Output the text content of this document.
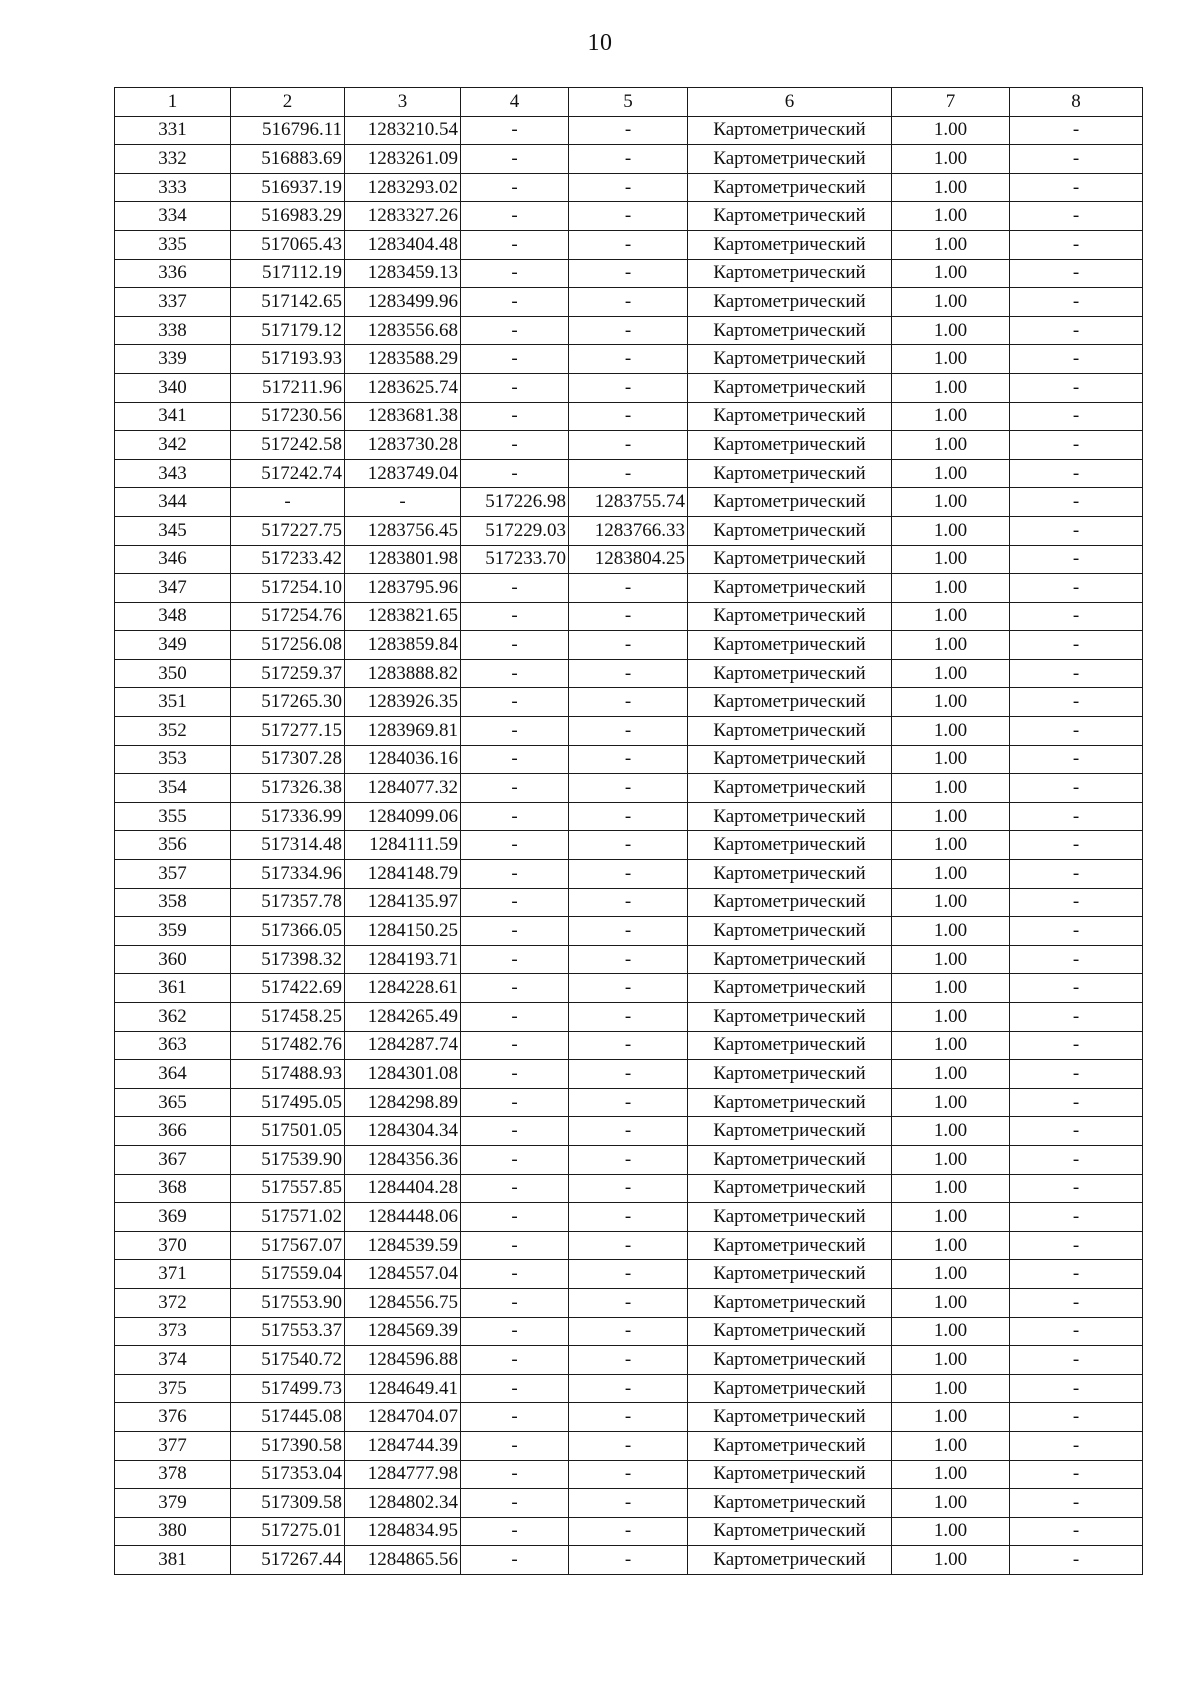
10
1	2	3	4	5	6	7	8
331	516796.11	1283210.54	-	-	Картометрический	1.00	-
332	516883.69	1283261.09	-	-	Картометрический	1.00	-
333	516937.19	1283293.02	-	-	Картометрический	1.00	-
334	516983.29	1283327.26	-	-	Картометрический	1.00	-
335	517065.43	1283404.48	-	-	Картометрический	1.00	-
336	517112.19	1283459.13	-	-	Картометрический	1.00	-
337	517142.65	1283499.96	-	-	Картометрический	1.00	-
338	517179.12	1283556.68	-	-	Картометрический	1.00	-
339	517193.93	1283588.29	-	-	Картометрический	1.00	-
340	517211.96	1283625.74	-	-	Картометрический	1.00	-
341	517230.56	1283681.38	-	-	Картометрический	1.00	-
342	517242.58	1283730.28	-	-	Картометрический	1.00	-
343	517242.74	1283749.04	-	-	Картометрический	1.00	-
344	-	-	517226.98	1283755.74	Картометрический	1.00	-
345	517227.75	1283756.45	517229.03	1283766.33	Картометрический	1.00	-
346	517233.42	1283801.98	517233.70	1283804.25	Картометрический	1.00	-
347	517254.10	1283795.96	-	-	Картометрический	1.00	-
348	517254.76	1283821.65	-	-	Картометрический	1.00	-
349	517256.08	1283859.84	-	-	Картометрический	1.00	-
350	517259.37	1283888.82	-	-	Картометрический	1.00	-
351	517265.30	1283926.35	-	-	Картометрический	1.00	-
352	517277.15	1283969.81	-	-	Картометрический	1.00	-
353	517307.28	1284036.16	-	-	Картометрический	1.00	-
354	517326.38	1284077.32	-	-	Картометрический	1.00	-
355	517336.99	1284099.06	-	-	Картометрический	1.00	-
356	517314.48	1284111.59	-	-	Картометрический	1.00	-
357	517334.96	1284148.79	-	-	Картометрический	1.00	-
358	517357.78	1284135.97	-	-	Картометрический	1.00	-
359	517366.05	1284150.25	-	-	Картометрический	1.00	-
360	517398.32	1284193.71	-	-	Картометрический	1.00	-
361	517422.69	1284228.61	-	-	Картометрический	1.00	-
362	517458.25	1284265.49	-	-	Картометрический	1.00	-
363	517482.76	1284287.74	-	-	Картометрический	1.00	-
364	517488.93	1284301.08	-	-	Картометрический	1.00	-
365	517495.05	1284298.89	-	-	Картометрический	1.00	-
366	517501.05	1284304.34	-	-	Картометрический	1.00	-
367	517539.90	1284356.36	-	-	Картометрический	1.00	-
368	517557.85	1284404.28	-	-	Картометрический	1.00	-
369	517571.02	1284448.06	-	-	Картометрический	1.00	-
370	517567.07	1284539.59	-	-	Картометрический	1.00	-
371	517559.04	1284557.04	-	-	Картометрический	1.00	-
372	517553.90	1284556.75	-	-	Картометрический	1.00	-
373	517553.37	1284569.39	-	-	Картометрический	1.00	-
374	517540.72	1284596.88	-	-	Картометрический	1.00	-
375	517499.73	1284649.41	-	-	Картометрический	1.00	-
376	517445.08	1284704.07	-	-	Картометрический	1.00	-
377	517390.58	1284744.39	-	-	Картометрический	1.00	-
378	517353.04	1284777.98	-	-	Картометрический	1.00	-
379	517309.58	1284802.34	-	-	Картометрический	1.00	-
380	517275.01	1284834.95	-	-	Картометрический	1.00	-
381	517267.44	1284865.56	-	-	Картометрический	1.00	-
